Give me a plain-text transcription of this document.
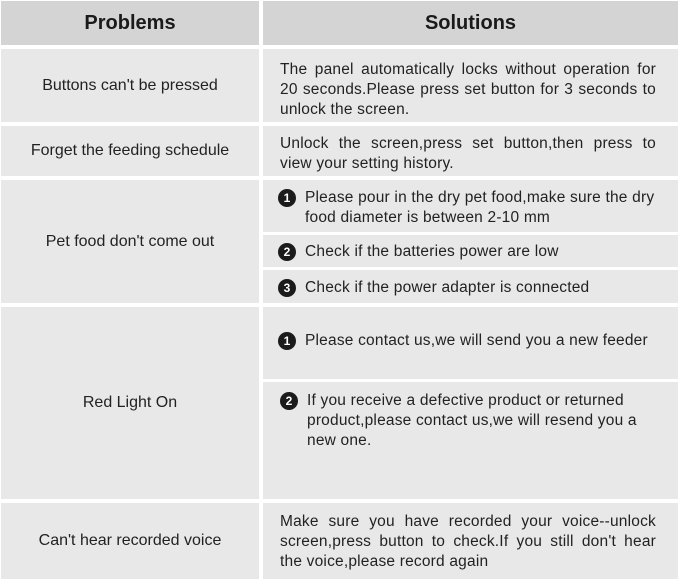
Problems	Solutions
Buttons can't be pressed
The panel automatically locks without operation for 20 seconds.Please press set button for 3 seconds to unlock the screen.
Forget the feeding schedule	Unlock the screen,press set button,then press to view your setting history.
Pet food don't come out
1 Please pour in the dry pet food,make sure the dry food diameter is between 2-10 mm
2 Check if the batteries power are low
3 Check if the power adapter is connected
Red Light On
1 Please contact us,we will send you a new feeder
2 If you receive a defective product or returned product,please contact us,we will resend you a new one.
Can't hear recorded voice
Make sure you have recorded your voice--unlock screen,press button to check.If you still don't hear the voice,please record again
